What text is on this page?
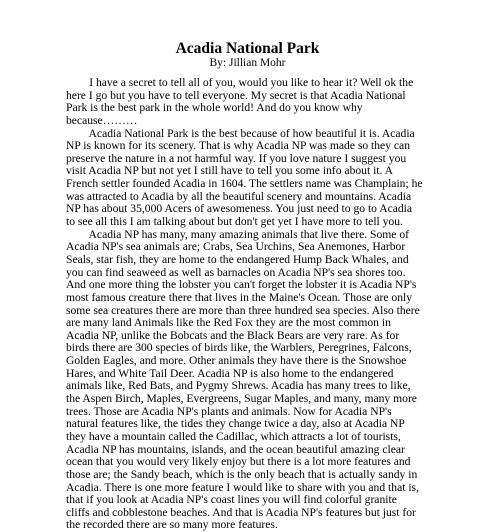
Acadia National Park
By: Jillian Mohr
I have a secret to tell all of you, would you like to hear it? Well ok the
here I go but you have to tell everyone. My secret is that Acadia National
Park is the best park in the whole world! And do you know why
because………
Acadia National Park is the best because of how beautiful it is. Acadia
NP is known for its scenery. That is why Acadia NP was made so they can
preserve the nature in a not harmful way. If you love nature I suggest you
visit Acadia NP but not yet I still have to tell you some info about it. A
French settler founded Acadia in 1604. The settlers name was Champlain; he
was attracted to Acadia by all the beautiful scenery and mountains. Acadia
NP has about 35,000 Acers of awesomeness. You just need to go to Acadia
to see all this I am talking about but don't get yet I have more to tell you.
Acadia NP has many, many amazing animals that live there. Some of
Acadia NP's sea animals are; Crabs, Sea Urchins, Sea Anemones, Harbor
Seals, star fish, they are home to the endangered Hump Back Whales, and
you can find seaweed as well as barnacles on Acadia NP's sea shores too.
And one more thing the lobster you can't forget the lobster it is Acadia NP's
most famous creature there that lives in the Maine's Ocean. Those are only
some sea creatures there are more than three hundred sea species. Also there
are many land Animals like the Red Fox they are the most common in
Acadia NP, unlike the Bobcats and the Black Bears are very rare. As for
birds there are 300 species of birds like, the Warblers, Peregrines, Falcons,
Golden Eagles, and more. Other animals they have there is the Snowshoe
Hares, and White Tail Deer. Acadia NP is also home to the endangered
animals like, Red Bats, and Pygmy Shrews. Acadia has many trees to like,
the Aspen Birch, Maples, Evergreens, Sugar Maples, and many, many more
trees. Those are Acadia NP's plants and animals. Now for Acadia NP's
natural features like, the tides they change twice a day, also at Acadia NP
they have a mountain called the Cadillac, which attracts a lot of tourists,
Acadia NP has mountains, islands, and the ocean beautiful amazing clear
ocean that you would very likely enjoy but there is a lot more features and
those are; the Sandy beach, which is the only beach that is actually sandy in
Acadia. There is one more feature I would like to share with you and that is,
that if you look at Acadia NP's coast lines you will find colorful granite
cliffs and cobblestone beaches. And that is Acadia NP's features but just for
the recorded there are so many more features.
